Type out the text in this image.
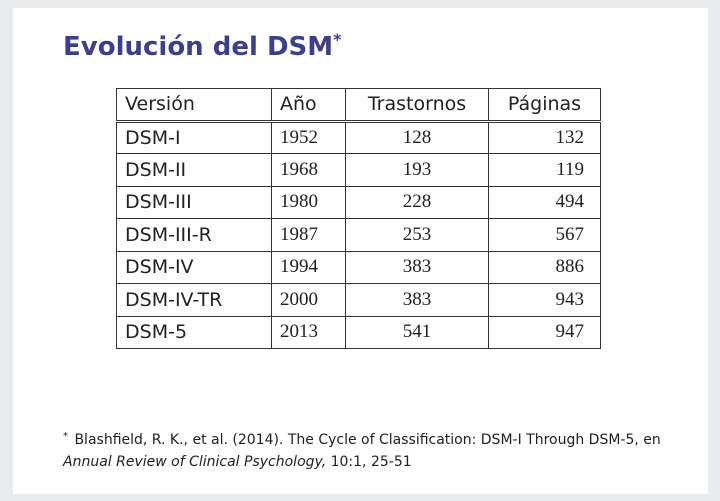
Evolución del DSM*
Versión	Año	Trastornos	Páginas
DSM-I	1952	128	132
DSM-II	1968	193	119
DSM-III	1980	228	494
DSM-III-R	1987	253	567
DSM-IV	1994	383	886
DSM-IV-TR	2000	383	943
DSM-5	2013	541	947

* Blashfield, R. K., et al. (2014). The Cycle of Classification: DSM-I Through DSM-5, en Annual Review of Clinical Psychology, 10:1, 25-51
